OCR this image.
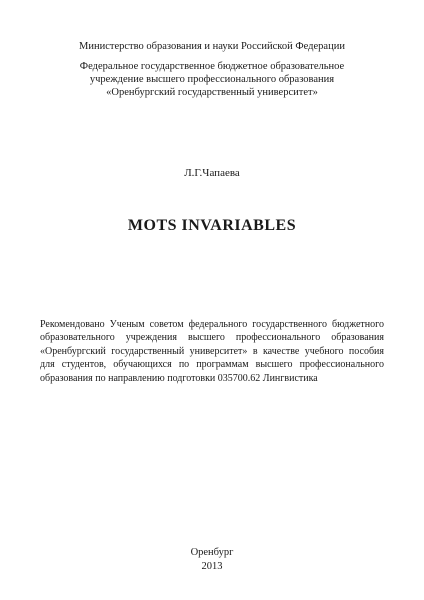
Министерство образования и науки Российской Федерации
Федеральное государственное бюджетное образовательное
учреждение высшего профессионального образования
«Оренбургский государственный университет»
Л.Г.Чапаева
MOTS INVARIABLES
Рекомендовано Ученым советом федерального государственного бюджетного
образовательного учреждения высшего профессионального образования
«Оренбургский государственный университет» в качестве учебного пособия
для студентов, обучающихся по программам высшего профессионального
образования по направлению подготовки 035700.62 Лингвистика
Оренбург
2013
